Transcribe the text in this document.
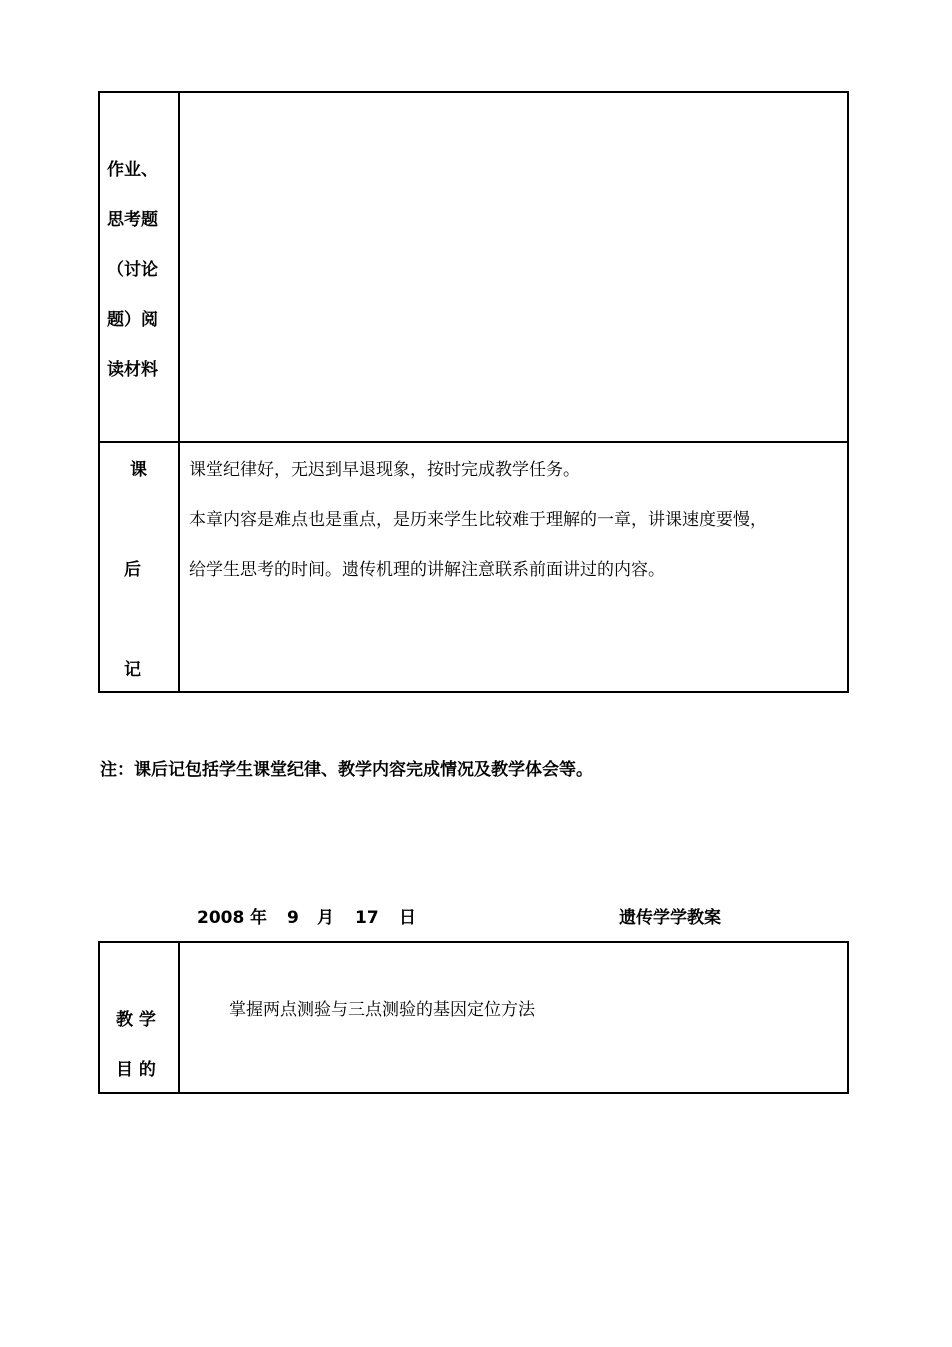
作业、
思考题
（讨论
题）阅
读材料
课
后
记
课堂纪律好，无迟到早退现象，按时完成教学任务。
本章内容是难点也是重点，是历来学生比较难于理解的一章，讲课速度要慢，
给学生思考的时间。遗传机理的讲解注意联系前面讲过的内容。
注：课后记包括学生课堂纪律、教学内容完成情况及教学体会等。
2008 年 9 月 17 日	遗传学学教案
教 学
目 的
掌握两点测验与三点测验的基因定位方法
